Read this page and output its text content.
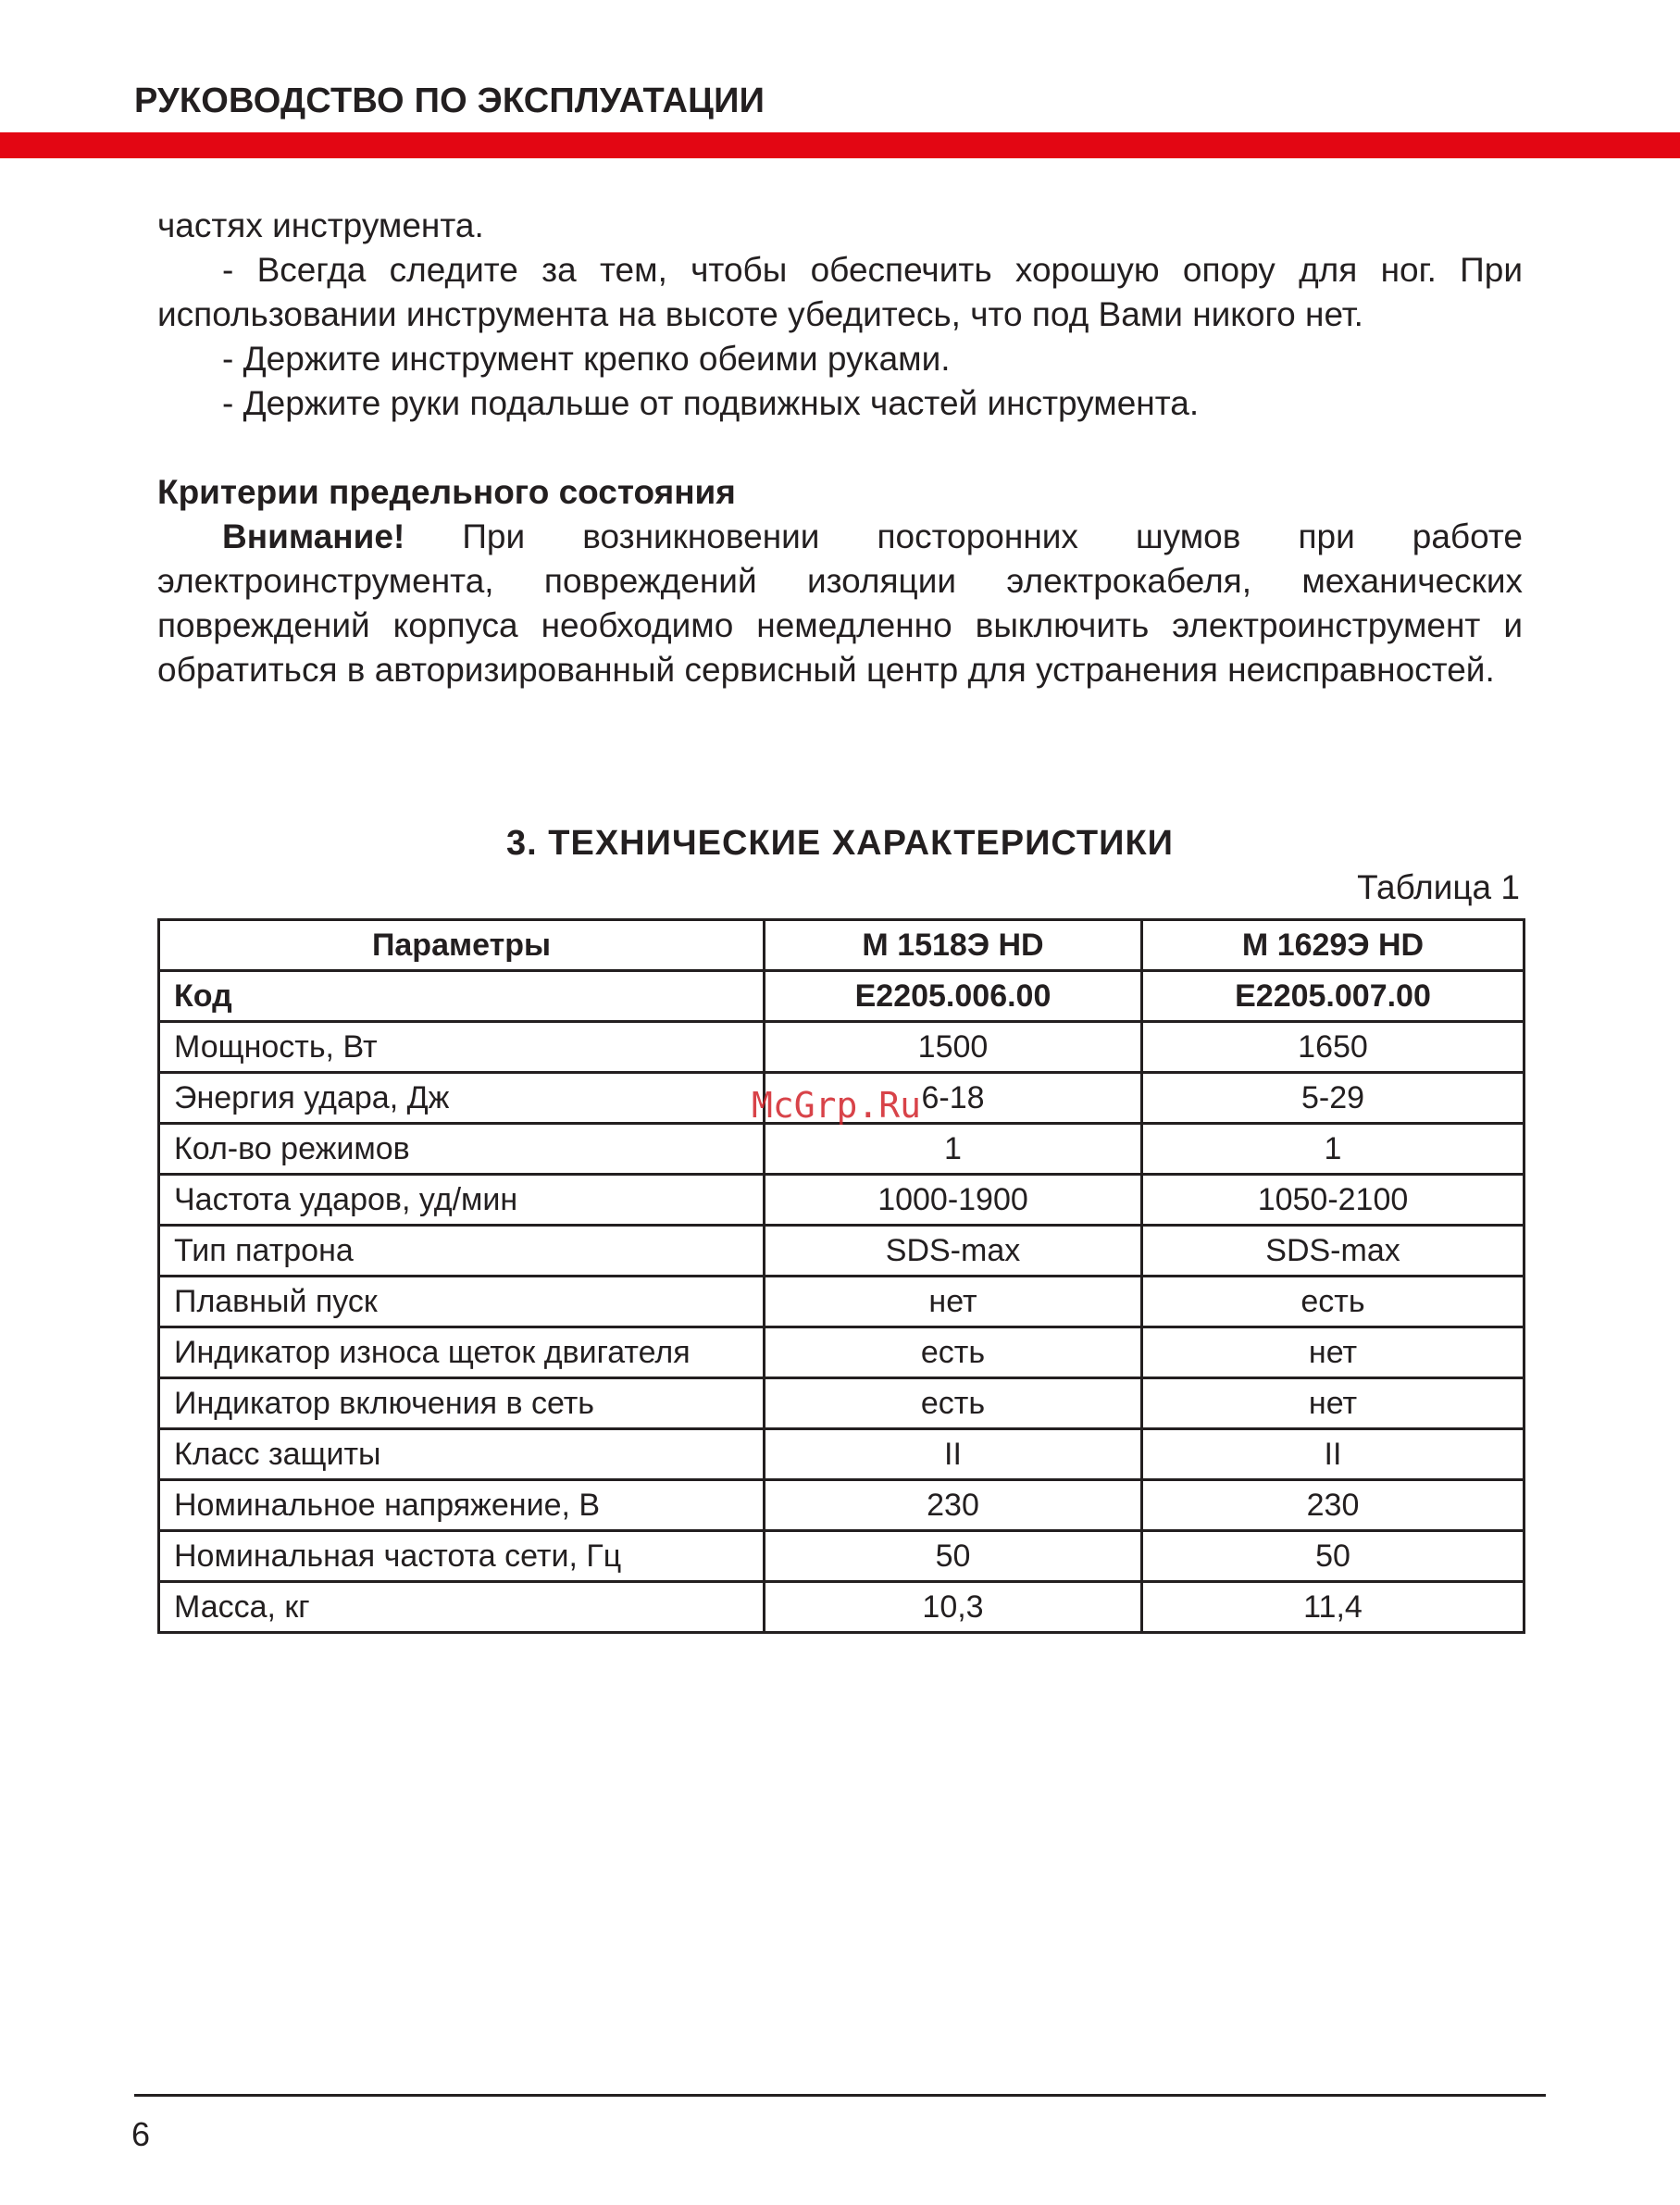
РУКОВОДСТВО ПО ЭКСПЛУАТАЦИИ

частях инструмента.

- Всегда следите за тем, чтобы обеспечить хорошую опору для ног. При использовании инструмента на высоте убедитесь, что под Вами никого нет.

- Держите инструмент крепко обеими руками.

- Держите руки подальше от подвижных частей инструмента.

Критерии предельного состояния

Внимание! При возникновении посторонних шумов при работе электроинструмента, повреждений изоляции электрокабеля, механических повреждений корпуса необходимо немедленно выключить электроинструмент и обратиться в авторизированный сервисный центр для устранения неисправностей.

3. ТЕХНИЧЕСКИЕ ХАРАКТЕРИСТИКИ
Таблица 1
Параметры	М 1518Э HD	М 1629Э HD
Код	Е2205.006.00	Е2205.007.00
Мощность, Вт	1500	1650
Энергия удара, Дж	6-18	5-29
Кол-во режимов	1	1
Частота ударов, уд/мин	1000-1900	1050-2100
Тип патрона	SDS-max	SDS-max
Плавный пуск	нет	есть
Индикатор износа щеток двигателя	есть	нет
Индикатор включения в сеть	есть	нет
Класс защиты	II	II
Номинальное напряжение, В	230	230
Номинальная частота сети, Гц	50	50
Масса, кг	10,3	11,4
McGrp.Ru
6
